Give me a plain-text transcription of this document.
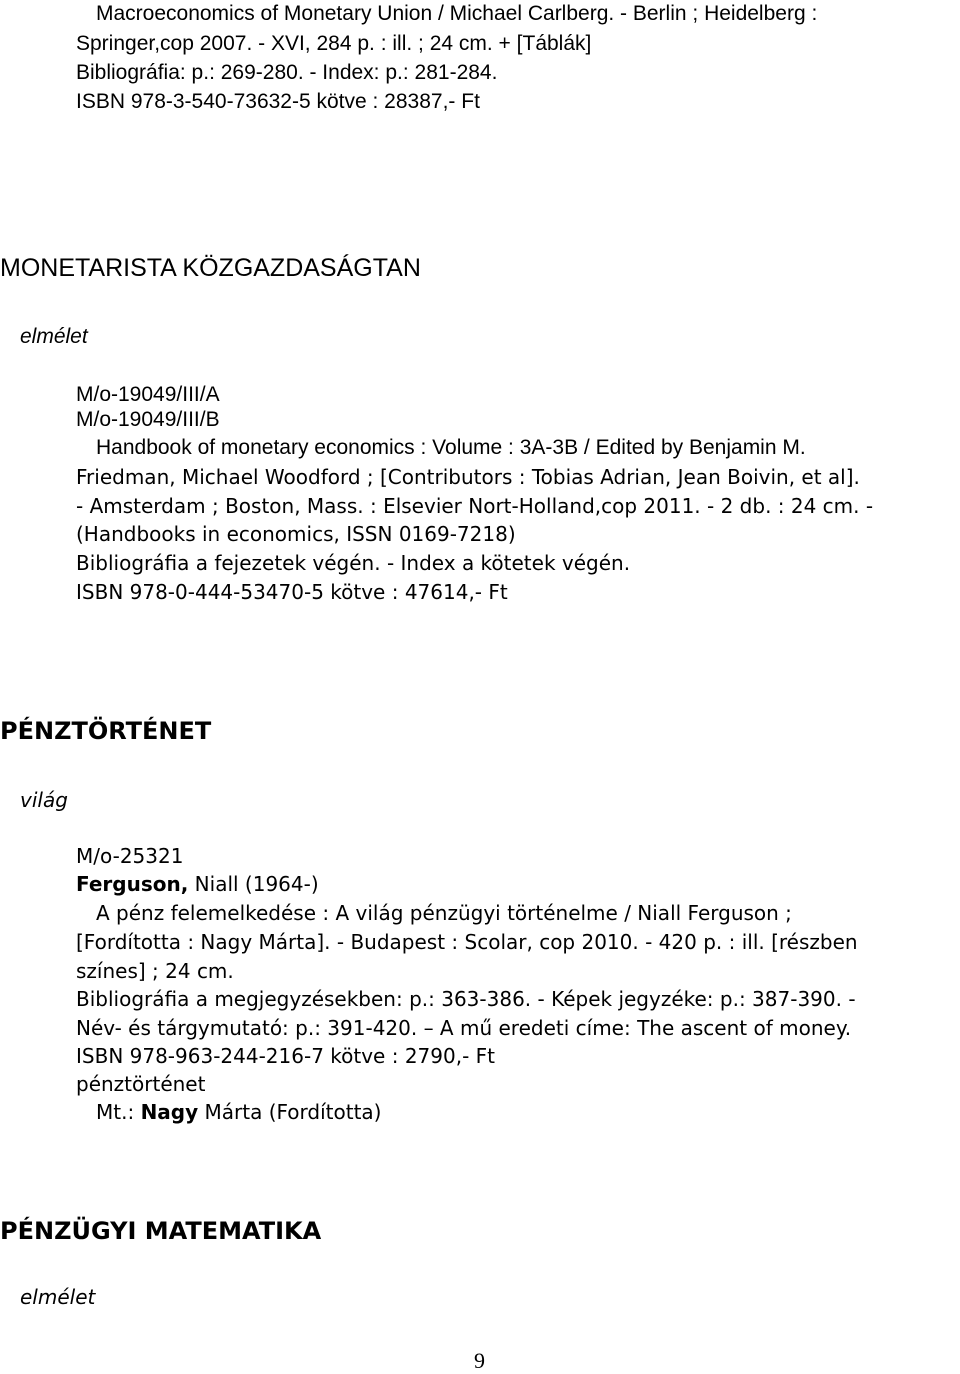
Macroeconomics of Monetary Union / Michael Carlberg. - Berlin ; Heidelberg :
Springer,cop 2007. - XVI, 284 p. : ill. ; 24 cm. + [Táblák]
Bibliográfia: p.: 269-280. - Index: p.: 281-284.
ISBN 978-3-540-73632-5 kötve : 28387,- Ft
MONETARISTA KÖZGAZDASÁGTAN
elmélet
M/o-19049/III/A
M/o-19049/III/B
Handbook of monetary economics : Volume : 3A-3B / Edited by Benjamin M.
Friedman, Michael Woodford ; [Contributors : Tobias Adrian, Jean Boivin, et al].
- Amsterdam ; Boston, Mass. : Elsevier Nort-Holland,cop 2011. - 2 db. : 24 cm. -
(Handbooks in economics, ISSN 0169-7218)
Bibliográfia a fejezetek végén. - Index a kötetek végén.
ISBN 978-0-444-53470-5 kötve : 47614,- Ft
PÉNZTÖRTÉNET
világ
M/o-25321
Ferguson, Niall (1964-)
A pénz felemelkedése : A világ pénzügyi történelme / Niall Ferguson ;
[Fordította : Nagy Márta]. - Budapest : Scolar, cop 2010. - 420 p. : ill. [részben
színes] ; 24 cm.
Bibliográfia a megjegyzésekben: p.: 363-386. - Képek jegyzéke: p.: 387-390. -
Név- és tárgymutató: p.: 391-420. – A mű eredeti címe: The ascent of money.
ISBN 978-963-244-216-7 kötve : 2790,- Ft
pénztörténet
Mt.: Nagy Márta (Fordította)
PÉNZÜGYI MATEMATIKA
elmélet
9
